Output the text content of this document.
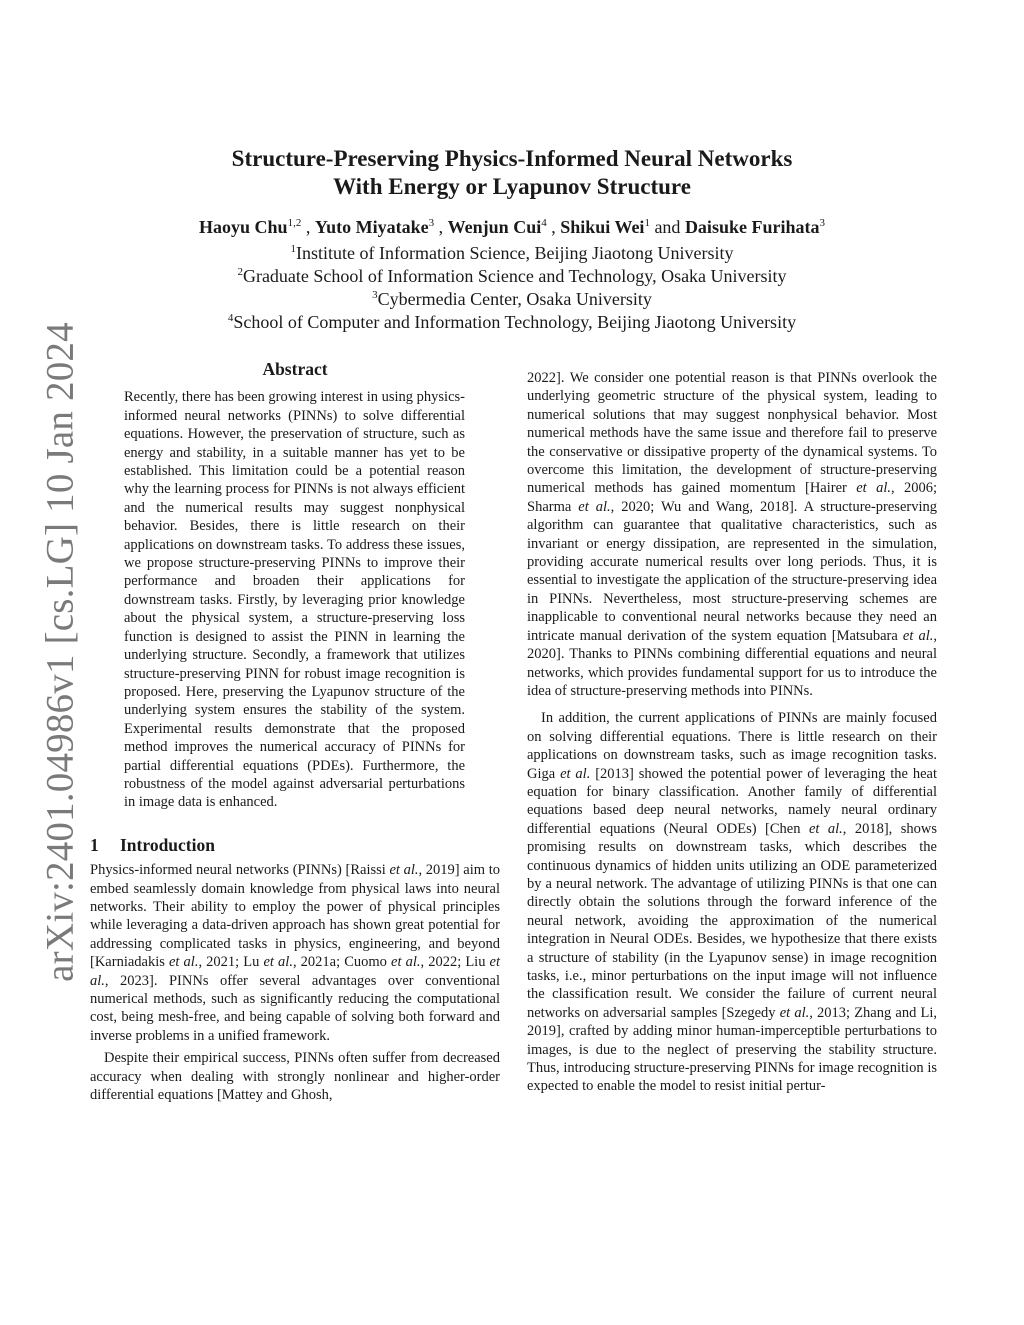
arXiv:2401.04986v1 [cs.LG] 10 Jan 2024
Structure-Preserving Physics-Informed Neural Networks
With Energy or Lyapunov Structure
Haoyu Chu$^{1,2}$ , Yuto Miyatake$^3$ , Wenjun Cui$^4$ , Shikui Wei$^1$ and Daisuke Furihata$^3$
$^1$Institute of Information Science, Beijing Jiaotong University
$^2$Graduate School of Information Science and Technology, Osaka University
$^3$Cybermedia Center, Osaka University
$^4$School of Computer and Information Technology, Beijing Jiaotong University
Abstract

Recently, there has been growing interest in using physics-informed neural networks (PINNs) to solve differential equations. However, the preservation of structure, such as energy and stability, in a suitable manner has yet to be established. This limitation could be a potential reason why the learning process for PINNs is not always efficient and the numerical results may suggest nonphysical behavior. Besides, there is little research on their applications on downstream tasks. To address these issues, we propose structure-preserving PINNs to improve their performance and broaden their applications for downstream tasks. Firstly, by leveraging prior knowledge about the physical system, a structure-preserving loss function is designed to assist the PINN in learning the underlying structure. Secondly, a framework that utilizes structure-preserving PINN for robust image recognition is proposed. Here, preserving the Lyapunov structure of the underlying system ensures the stability of the system. Experimental results demonstrate that the proposed method improves the numerical accuracy of PINNs for partial differential equations (PDEs). Furthermore, the robustness of the model against adversarial perturbations in image data is enhanced.

1 Introduction

Physics-informed neural networks (PINNs) [Raissi et al., 2019] aim to embed seamlessly domain knowledge from physical laws into neural networks. Their ability to employ the power of physical principles while leveraging a data-driven approach has shown great potential for addressing complicated tasks in physics, engineering, and beyond [Karniadakis et al., 2021; Lu et al., 2021a; Cuomo et al., 2022; Liu et al., 2023]. PINNs offer several advantages over conventional numerical methods, such as significantly reducing the computational cost, being mesh-free, and being capable of solving both forward and inverse problems in a unified framework.

Despite their empirical success, PINNs often suffer from decreased accuracy when dealing with strongly nonlinear and higher-order differential equations [Mattey and Ghosh,

2022]. We consider one potential reason is that PINNs overlook the underlying geometric structure of the physical system, leading to numerical solutions that may suggest nonphysical behavior. Most numerical methods have the same issue and therefore fail to preserve the conservative or dissipative property of the dynamical systems. To overcome this limitation, the development of structure-preserving numerical methods has gained momentum [Hairer et al., 2006; Sharma et al., 2020; Wu and Wang, 2018]. A structure-preserving algorithm can guarantee that qualitative characteristics, such as invariant or energy dissipation, are represented in the simulation, providing accurate numerical results over long periods. Thus, it is essential to investigate the application of the structure-preserving idea in PINNs. Nevertheless, most structure-preserving schemes are inapplicable to conventional neural networks because they need an intricate manual derivation of the system equation [Matsubara et al., 2020]. Thanks to PINNs combining differential equations and neural networks, which provides fundamental support for us to introduce the idea of structure-preserving methods into PINNs.

In addition, the current applications of PINNs are mainly focused on solving differential equations. There is little research on their applications on downstream tasks, such as image recognition tasks. Giga et al. [2013] showed the potential power of leveraging the heat equation for binary classification. Another family of differential equations based deep neural networks, namely neural ordinary differential equations (Neural ODEs) [Chen et al., 2018], shows promising results on downstream tasks, which describes the continuous dynamics of hidden units utilizing an ODE parameterized by a neural network. The advantage of utilizing PINNs is that one can directly obtain the solutions through the forward inference of the neural network, avoiding the approximation of the numerical integration in Neural ODEs. Besides, we hypothesize that there exists a structure of stability (in the Lyapunov sense) in image recognition tasks, i.e., minor perturbations on the input image will not influence the classification result. We consider the failure of current neural networks on adversarial samples [Szegedy et al., 2013; Zhang and Li, 2019], crafted by adding minor human-imperceptible perturbations to images, is due to the neglect of preserving the stability structure. Thus, introducing structure-preserving PINNs for image recognition is expected to enable the model to resist initial pertur-
